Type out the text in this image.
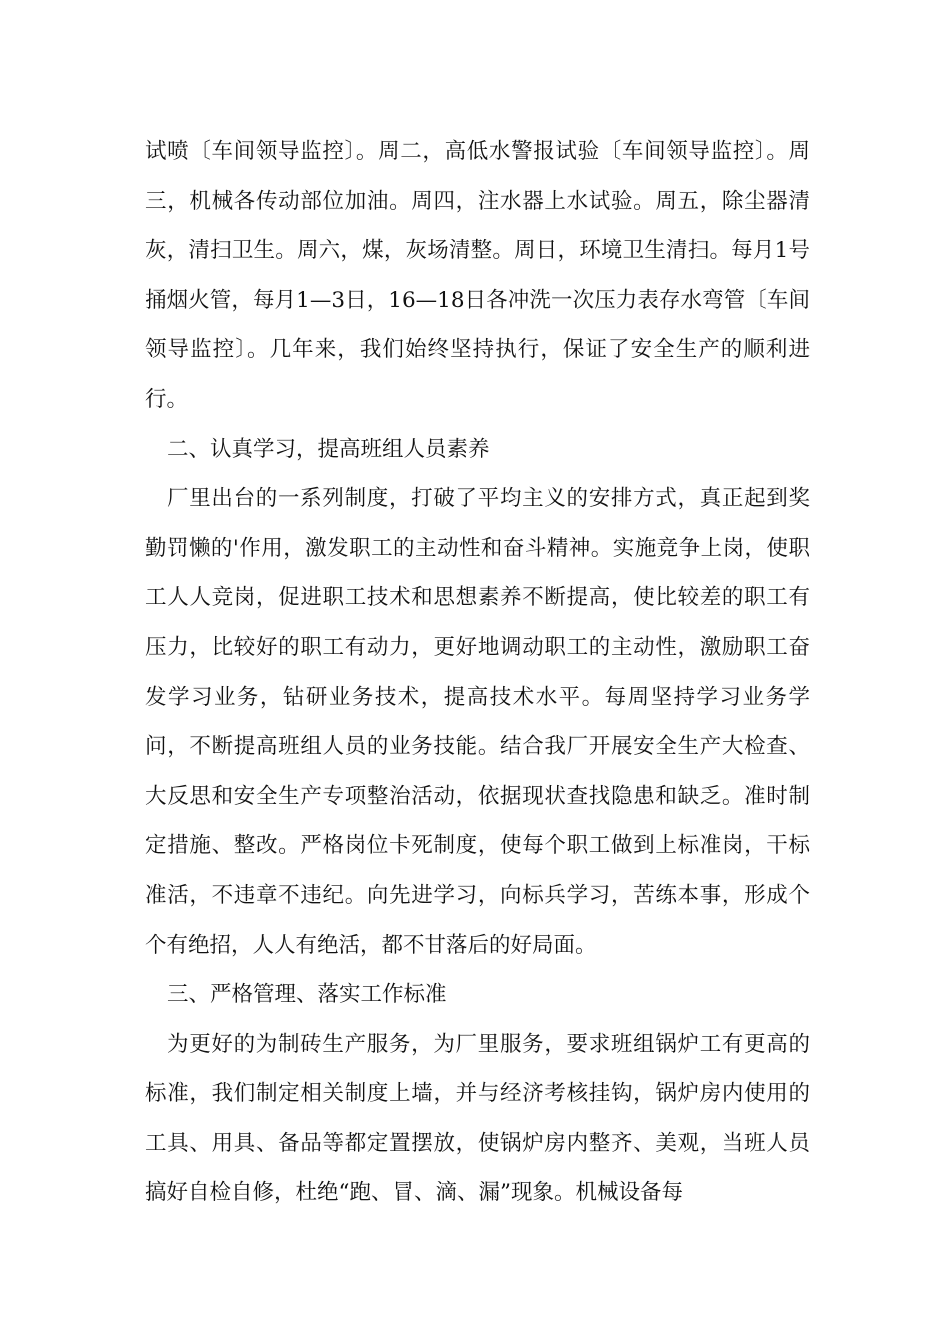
试喷〔车间领导监控〕。周二，高低水警报试验〔车间领导监控〕。周三，机械各传动部位加油。周四，注水器上水试验。周五，除尘器清灰，清扫卫生。周六，煤，灰场清整。周日，环境卫生清扫。每月1号捅烟火管，每月1—3日，16—18日各冲洗一次压力表存水弯管〔车间领导监控〕。几年来，我们始终坚持执行，保证了安全生产的顺利进行。

二、认真学习，提高班组人员素养

厂里出台的一系列制度，打破了平均主义的安排方式，真正起到奖勤罚懒的'作用，激发职工的主动性和奋斗精神。实施竞争上岗，使职工人人竞岗，促进职工技术和思想素养不断提高，使比较差的职工有压力，比较好的职工有动力，更好地调动职工的主动性，激励职工奋发学习业务，钻研业务技术，提高技术水平。每周坚持学习业务学问，不断提高班组人员的业务技能。结合我厂开展安全生产大检查、大反思和安全生产专项整治活动，依据现状查找隐患和缺乏。准时制定措施、整改。严格岗位卡死制度，使每个职工做到上标准岗，干标准活，不违章不违纪。向先进学习，向标兵学习，苦练本事，形成个个有绝招，人人有绝活，都不甘落后的好局面。

三、严格管理、落实工作标准

为更好的为制砖生产服务，为厂里服务，要求班组锅炉工有更高的标准，我们制定相关制度上墙，并与经济考核挂钩，锅炉房内使用的工具、用具、备品等都定置摆放，使锅炉房内整齐、美观，当班人员搞好自检自修，杜绝“跑、冒、滴、漏”现象。机械设备每
